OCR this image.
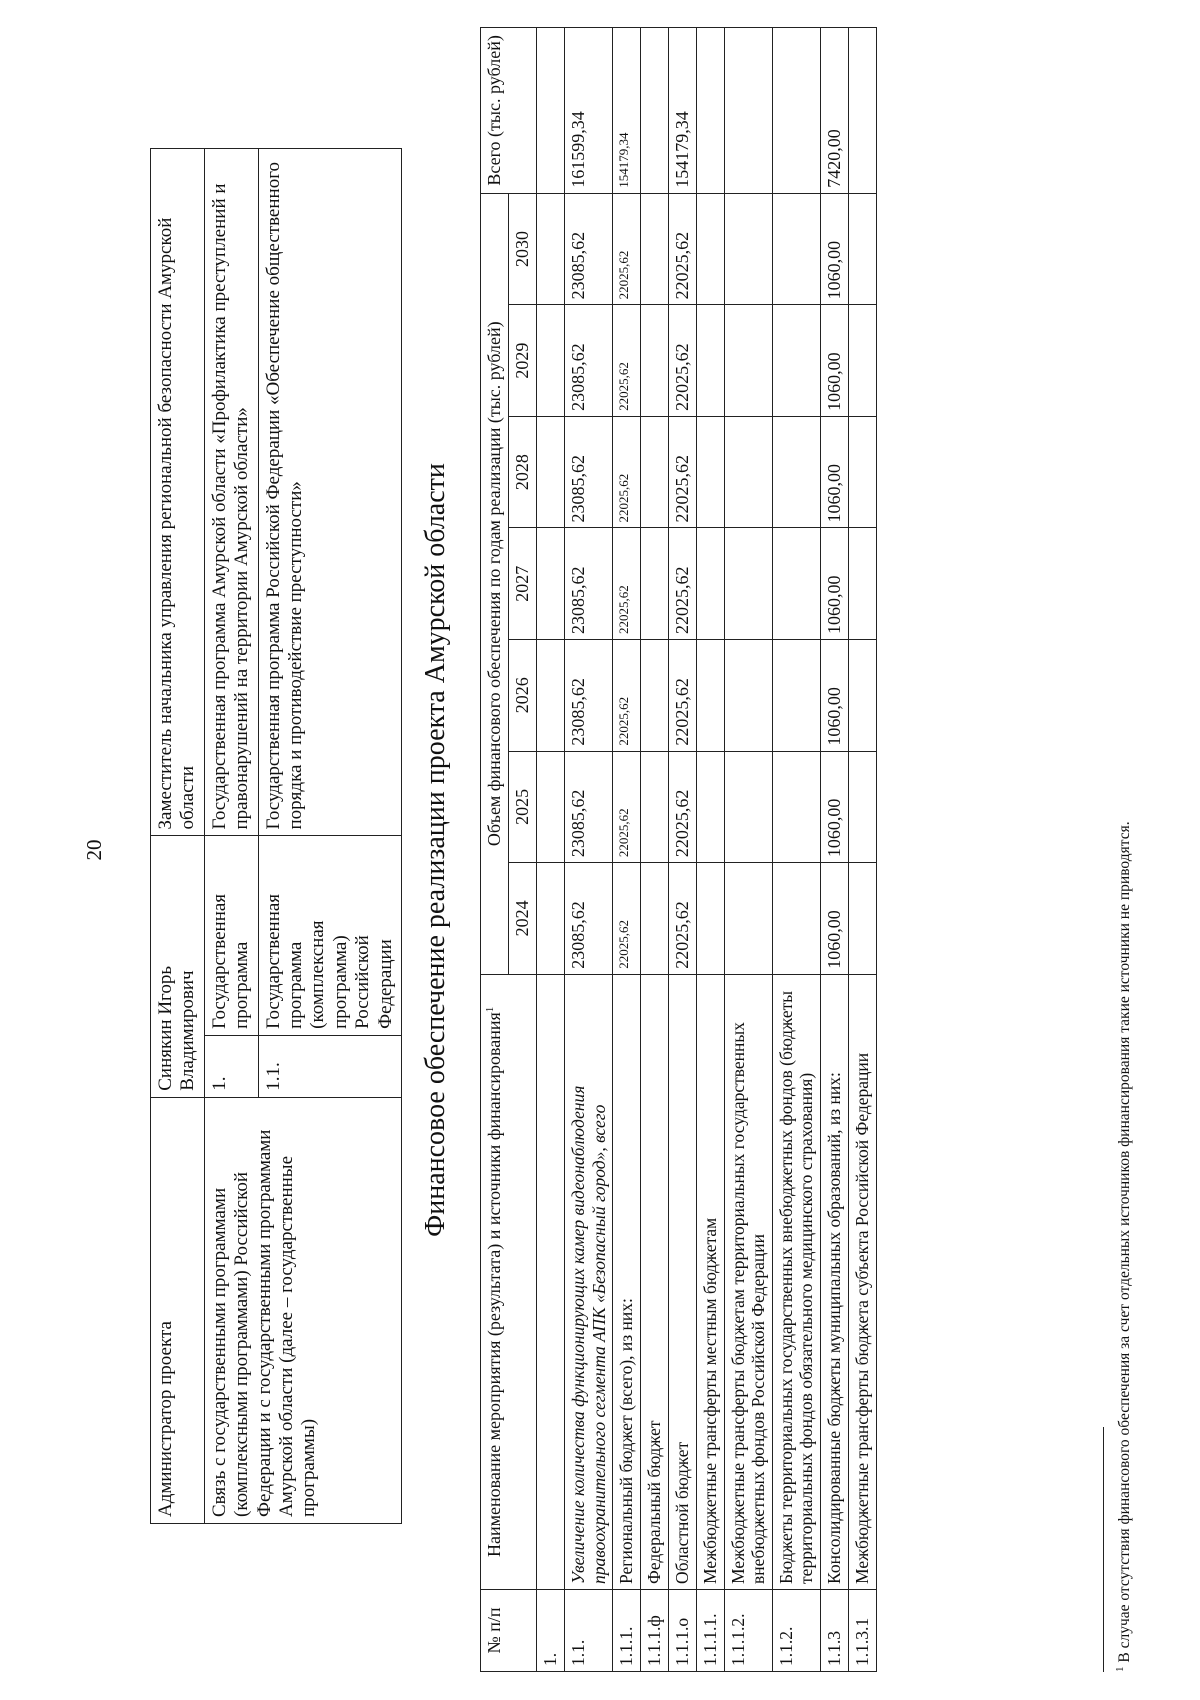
20
Администратор проекта	Синякин Игорь Владимирович		Заместитель начальника управления региональной безопасности Амурской области
Связь с государственными программами (комплексными программами) Российской Федерации и с государственными программами Амурской области (далее – государственные программы)	1.	Государственная программа	Государственная программа Амурской области «Профилактика преступлений и правонарушений на территории Амурской области»
	1.1.	Государственная программа (комплексная программа) Российской Федерации	Государственная программа Российской Федерации «Обеспечение общественного порядка и противодействие преступности»	Финансовое обеспечение реализации проекта Амурской области
№ п/п	Наименование мероприятия (результата) и источники финансирования$^1$	Объем финансового обеспечения по годам реализации (тыс. рублей)							Всего (тыс. рублей)
		2024	2025	2026	2027	2028	2029	2030	
1.									
1.1.	Увеличение количества функционирующих камер видеонаблюдения правоохранительного сегмента АПК «Безопасный город», всего	23085,62	23085,62	23085,62	23085,62	23085,62	23085,62	23085,62	161599,34
1.1.1.	Региональный бюджет (всего), из них:	22025,62	22025,62	22025,62	22025,62	22025,62	22025,62	22025,62	154179,34
1.1.1.ф	Федеральный бюджет								
1.1.1.о	Областной бюджет	22025,62	22025,62	22025,62	22025,62	22025,62	22025,62	22025,62	154179,34
1.1.1.1.	Межбюджетные трансферты местным бюджетам								
1.1.1.2.	Межбюджетные трансферты бюджетам территориальных государственных внебюджетных фондов Российской Федерации								
1.1.2.	Бюджеты территориальных государственных внебюджетных фондов (бюджеты территориальных фондов обязательного медицинского страхования)								
1.1.3	Консолидированные бюджеты муниципальных образований, из них:	1060,00	1060,00	1060,00	1060,00	1060,00	1060,00	1060,00	7420,00
1.1.3.1	Межбюджетные трансферты бюджета субъекта Российской Федерации								
$^1$ В случае отсутствия финансового обеспечения за счет отдельных источников финансирования такие источники не приводятся.
